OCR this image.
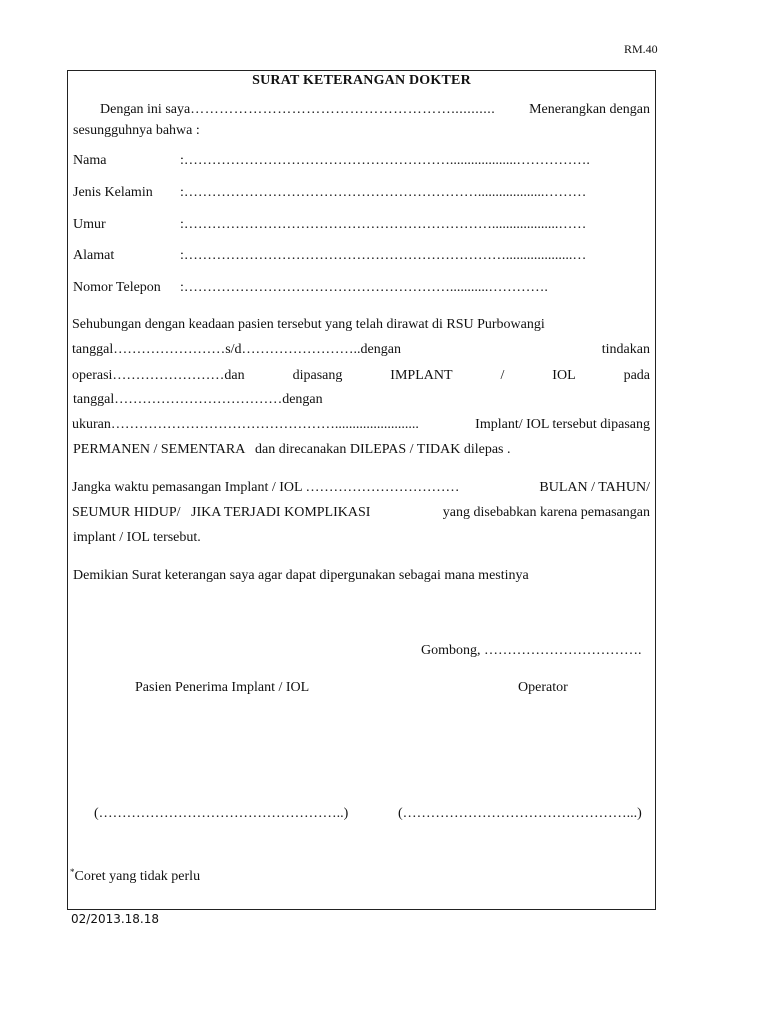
RM.40
SURAT KETERANGAN DOKTER
Dengan ini saya………………………………………………........... Menerangkan dengan
sesungguhnya bahwa :
Nama	:…………………………………………………...................…………….
Jenis Kelamin :………………………………………………………...................………
Umur	:…………………………………………………………...................……
Alamat	:……………………………………………………………...................…
Nomor Telepon :…………………………………………………...........………….
Sehubungan dengan keadaan pasien tersebut yang telah dirawat di RSU Purbowangi
tanggal……………………s/d……………………..dengan	tindakan
operasi……………………dan	dipasang	IMPLANT	/	IOL	pada
tanggal………………………………dengan
ukuran…………………………………………........................	Implant/ IOL tersebut dipasang
PERMANEN / SEMENTARA   dan direcanakan DILEPAS / TIDAK dilepas .
Jangka waktu pemasangan Implant / IOL ……………………………	BULAN / TAHUN/
SEUMUR HIDUP/   JIKA TERJADI KOMPLIKASI	yang disebabkan karena pemasangan
implant / IOL tersebut.
Demikian Surat keterangan saya agar dapat dipergunakan sebagai mana mestinya
Gombong, …………………………….
Pasien Penerima Implant / IOL	Operator
(……………………………………………..)	(…………………………………………...)
*Coret yang tidak perlu
02/2013.18.18
